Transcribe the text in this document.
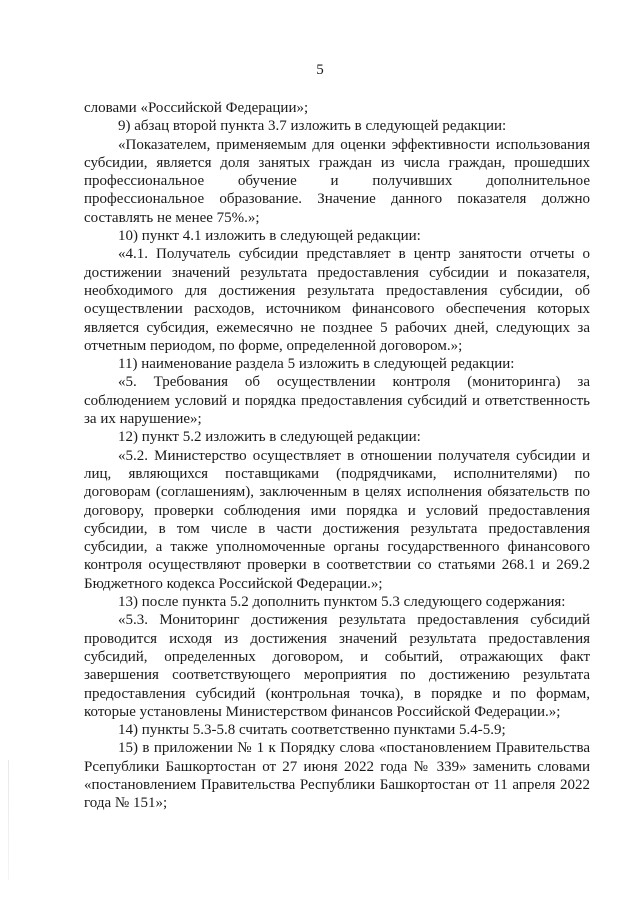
5

словами «Российской Федерации»;

9) абзац второй пункта 3.7 изложить в следующей редакции:

«Показателем, применяемым для оценки эффективности использования субсидии, является доля занятых граждан из числа граждан, прошедших профессиональное обучение и получивших дополнительное профессиональное образование. Значение данного показателя должно составлять не менее 75%.»;

10) пункт 4.1 изложить в следующей редакции:

«4.1. Получатель субсидии представляет в центр занятости отчеты о достижении значений результата предоставления субсидии и показателя, необходимого для достижения результата предоставления субсидии, об осуществлении расходов, источником финансового обеспечения которых является субсидия, ежемесячно не позднее 5 рабочих дней, следующих за отчетным периодом, по форме, определенной договором.»;

11) наименование раздела 5 изложить в следующей редакции:

«5. Требования об осуществлении контроля (мониторинга) за соблюдением условий и порядка предоставления субсидий и ответственность за их нарушение»;

12) пункт 5.2 изложить в следующей редакции:

«5.2. Министерство осуществляет в отношении получателя субсидии и лиц, являющихся поставщиками (подрядчиками, исполнителями) по договорам (соглашениям), заключенным в целях исполнения обязательств по договору, проверки соблюдения ими порядка и условий предоставления субсидии, в том числе в части достижения результата предоставления субсидии, а также уполномоченные органы государственного финансового контроля осуществляют проверки в соответствии со статьями 268.1 и 269.2 Бюджетного кодекса Российской Федерации.»;

13) после пункта 5.2 дополнить пунктом 5.3 следующего содержания:

«5.3. Мониторинг достижения результата предоставления субсидий проводится исходя из достижения значений результата предоставления субсидий, определенных договором, и событий, отражающих факт завершения соответствующего мероприятия по достижению результата предоставления субсидий (контрольная точка), в порядке и по формам, которые установлены Министерством финансов Российской Федерации.»;

14) пункты 5.3-5.8 считать соответственно пунктами 5.4-5.9;

15) в приложении № 1 к Порядку слова «постановлением Правительства Рсепублики Башкортостан от 27 июня 2022 года № 339» заменить словами «постановлением Правительства Республики Башкортостан от 11 апреля 2022 года № 151»;
